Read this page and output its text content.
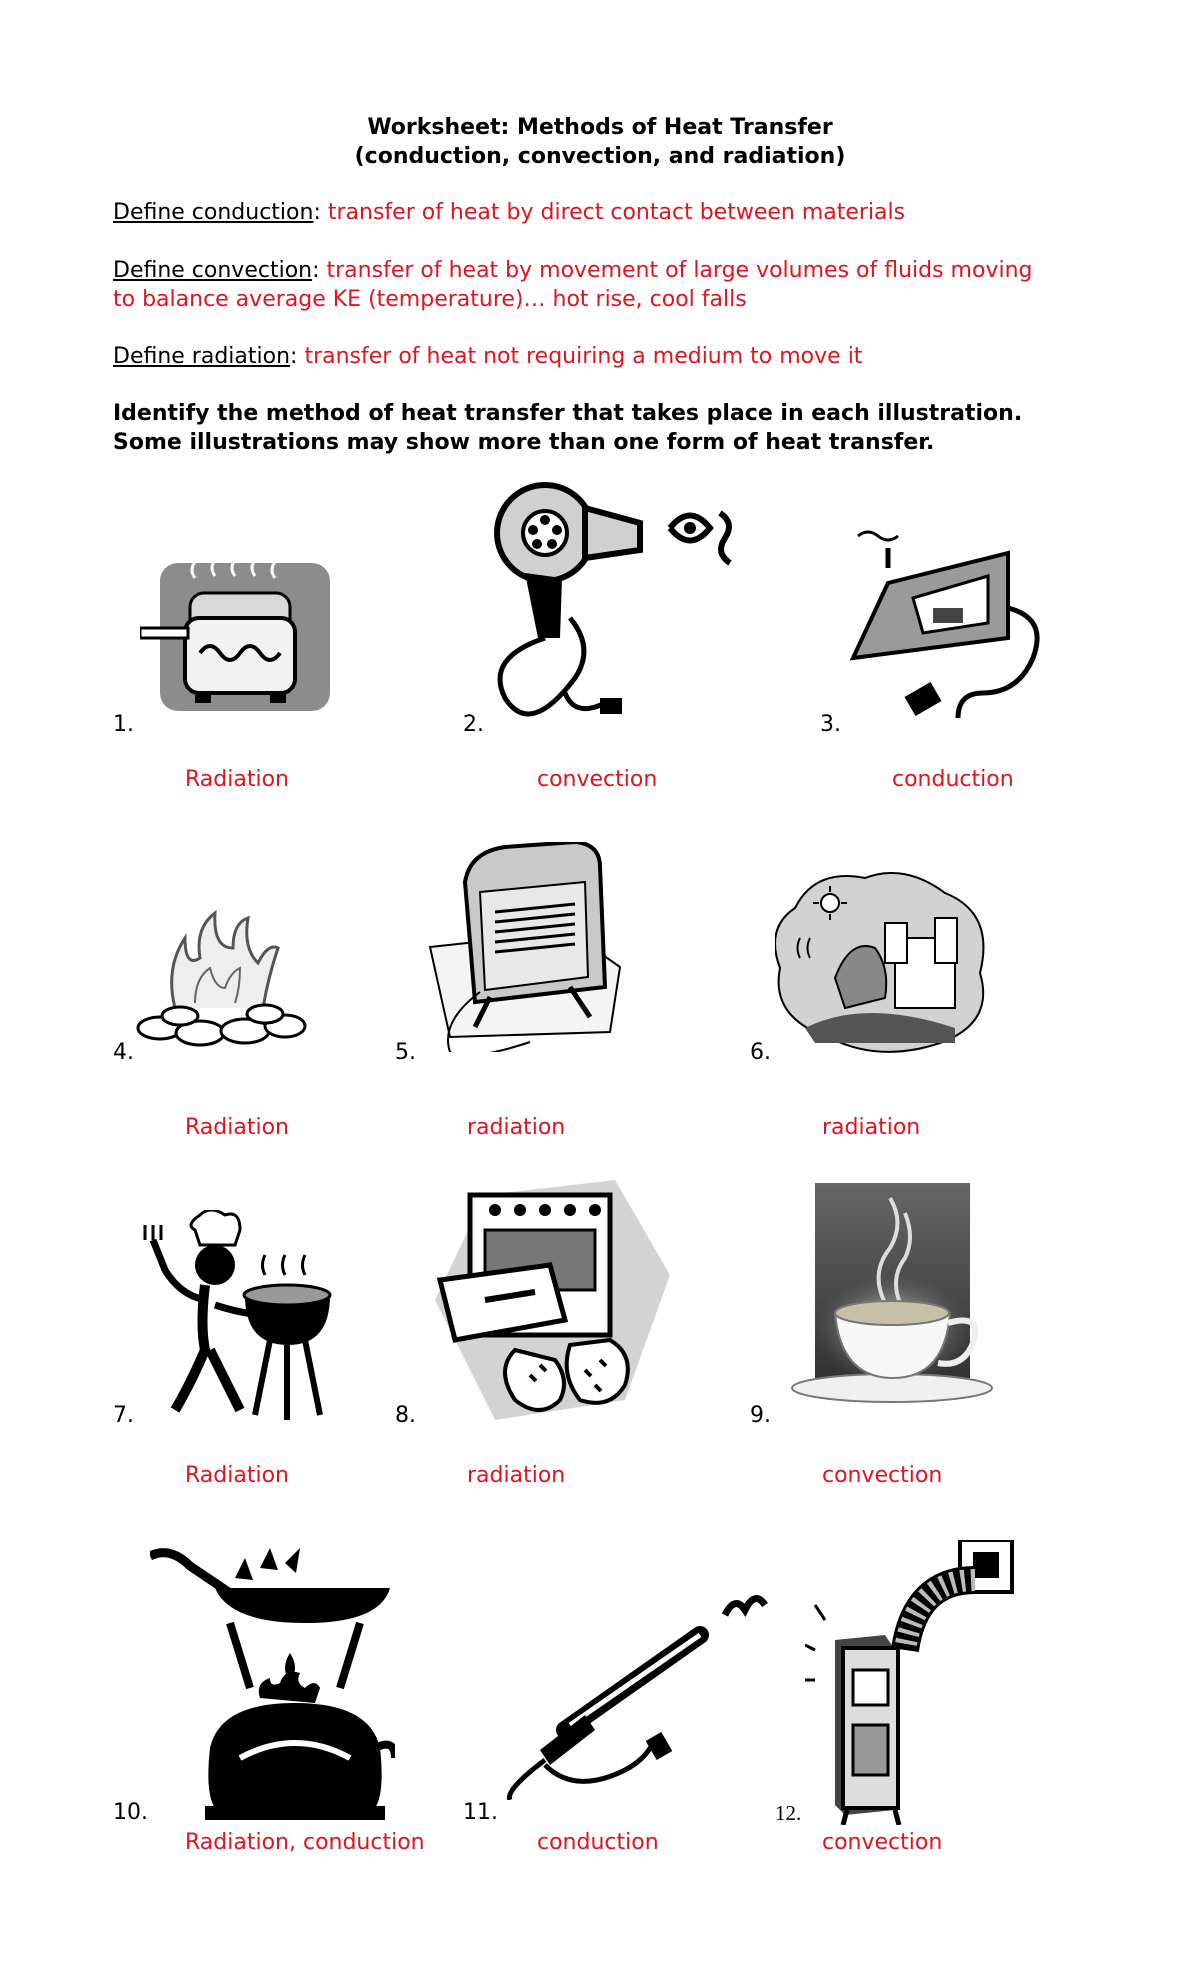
Worksheet: Methods of Heat Transfer
(conduction, convection, and radiation)
Define conduction: transfer of heat by direct contact between materials
Define convection: transfer of heat by movement of large volumes of fluids moving to balance average KE (temperature)… hot rise, cool falls
Define radiation: transfer of heat not requiring a medium to move it
Identify the method of heat transfer that takes place in each illustration. Some illustrations may show more than one form of heat transfer.
1.
Radiation
2.
convection
3.
conduction
4.
Radiation
5.
radiation
6.
radiation
7.
Radiation
8.
radiation
9.
convection
10.
Radiation, conduction
11.
conduction
12.
convection
